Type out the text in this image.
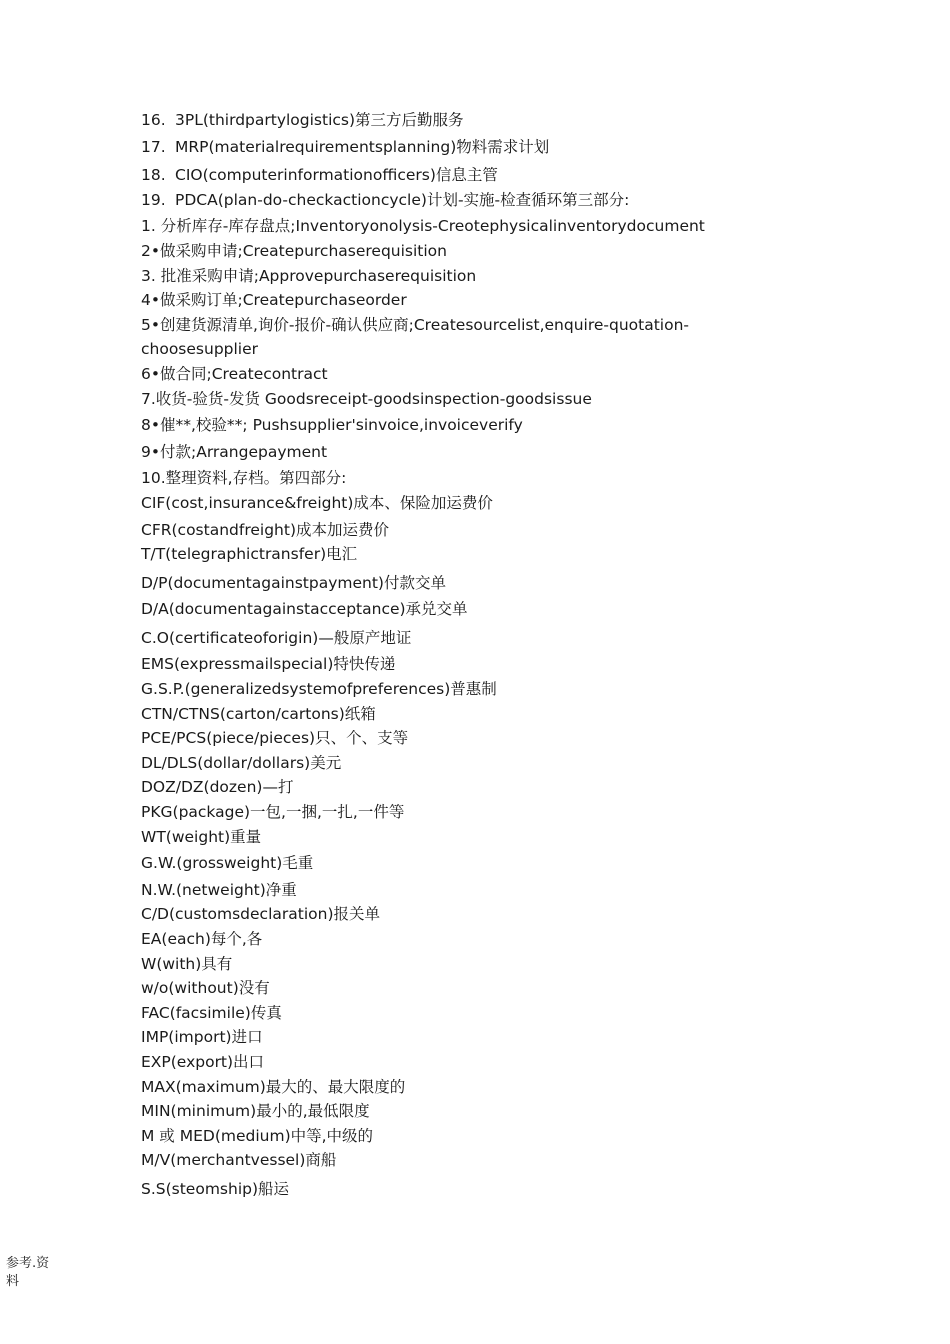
16. 3PL(thirdpartylogistics)第三方后勤服务
17. MRP(materialrequirementsplanning)物料需求计划
18. CIO(computerinformationofficers)信息主管
19. PDCA(plan-do-checkactioncycle)计划-实施-检查循环第三部分:
1. 分析库存-库存盘点;Inventoryonolysis-Creotephysicalinventorydocument
2•做采购申请;Createpurchaserequisition
3. 批准采购申请;Approvepurchaserequisition
4•做采购订单;Createpurchaseorder
5•创建货源清单,询价-报价-确认供应商;Createsourcelist,enquire-quotation-choosesupplier
6•做合同;Createcontract
7.收货-验货-发货 Goodsreceipt-goodsinspection-goodsissue
8•催**,校验**; Pushsupplier'sinvoice,invoiceverify
9•付款;Arrangepayment
10.整理资料,存档。第四部分:
CIF(cost,insurance&freight)成本、保险加运费价
CFR(costandfreight)成本加运费价
T/T(telegraphictransfer)电汇
D/P(documentagainstpayment)付款交单
D/A(documentagainstacceptance)承兑交单
C.O(certificateoforigin)—般原产地证
EMS(expressmailspecial)特快传递
G.S.P.(generalizedsystemofpreferences)普惠制
CTN/CTNS(carton/cartons)纸箱
PCE/PCS(piece/pieces)只、个、支等
DL/DLS(dollar/dollars)美元
DOZ/DZ(dozen)—打
PKG(package)一包,一捆,一扎,一件等
WT(weight)重量
G.W.(grossweight)毛重
N.W.(netweight)净重
C/D(customsdeclaration)报关单
EA(each)每个,各
W(with)具有
w/o(without)没有
FAC(facsimile)传真
IMP(import)进口
EXP(export)出口
MAX(maximum)最大的、最大限度的
MIN(minimum)最小的,最低限度
M 或 MED(medium)中等,中级的
M/V(merchantvessel)商船
S.S(steomship)船运
参考.资料
